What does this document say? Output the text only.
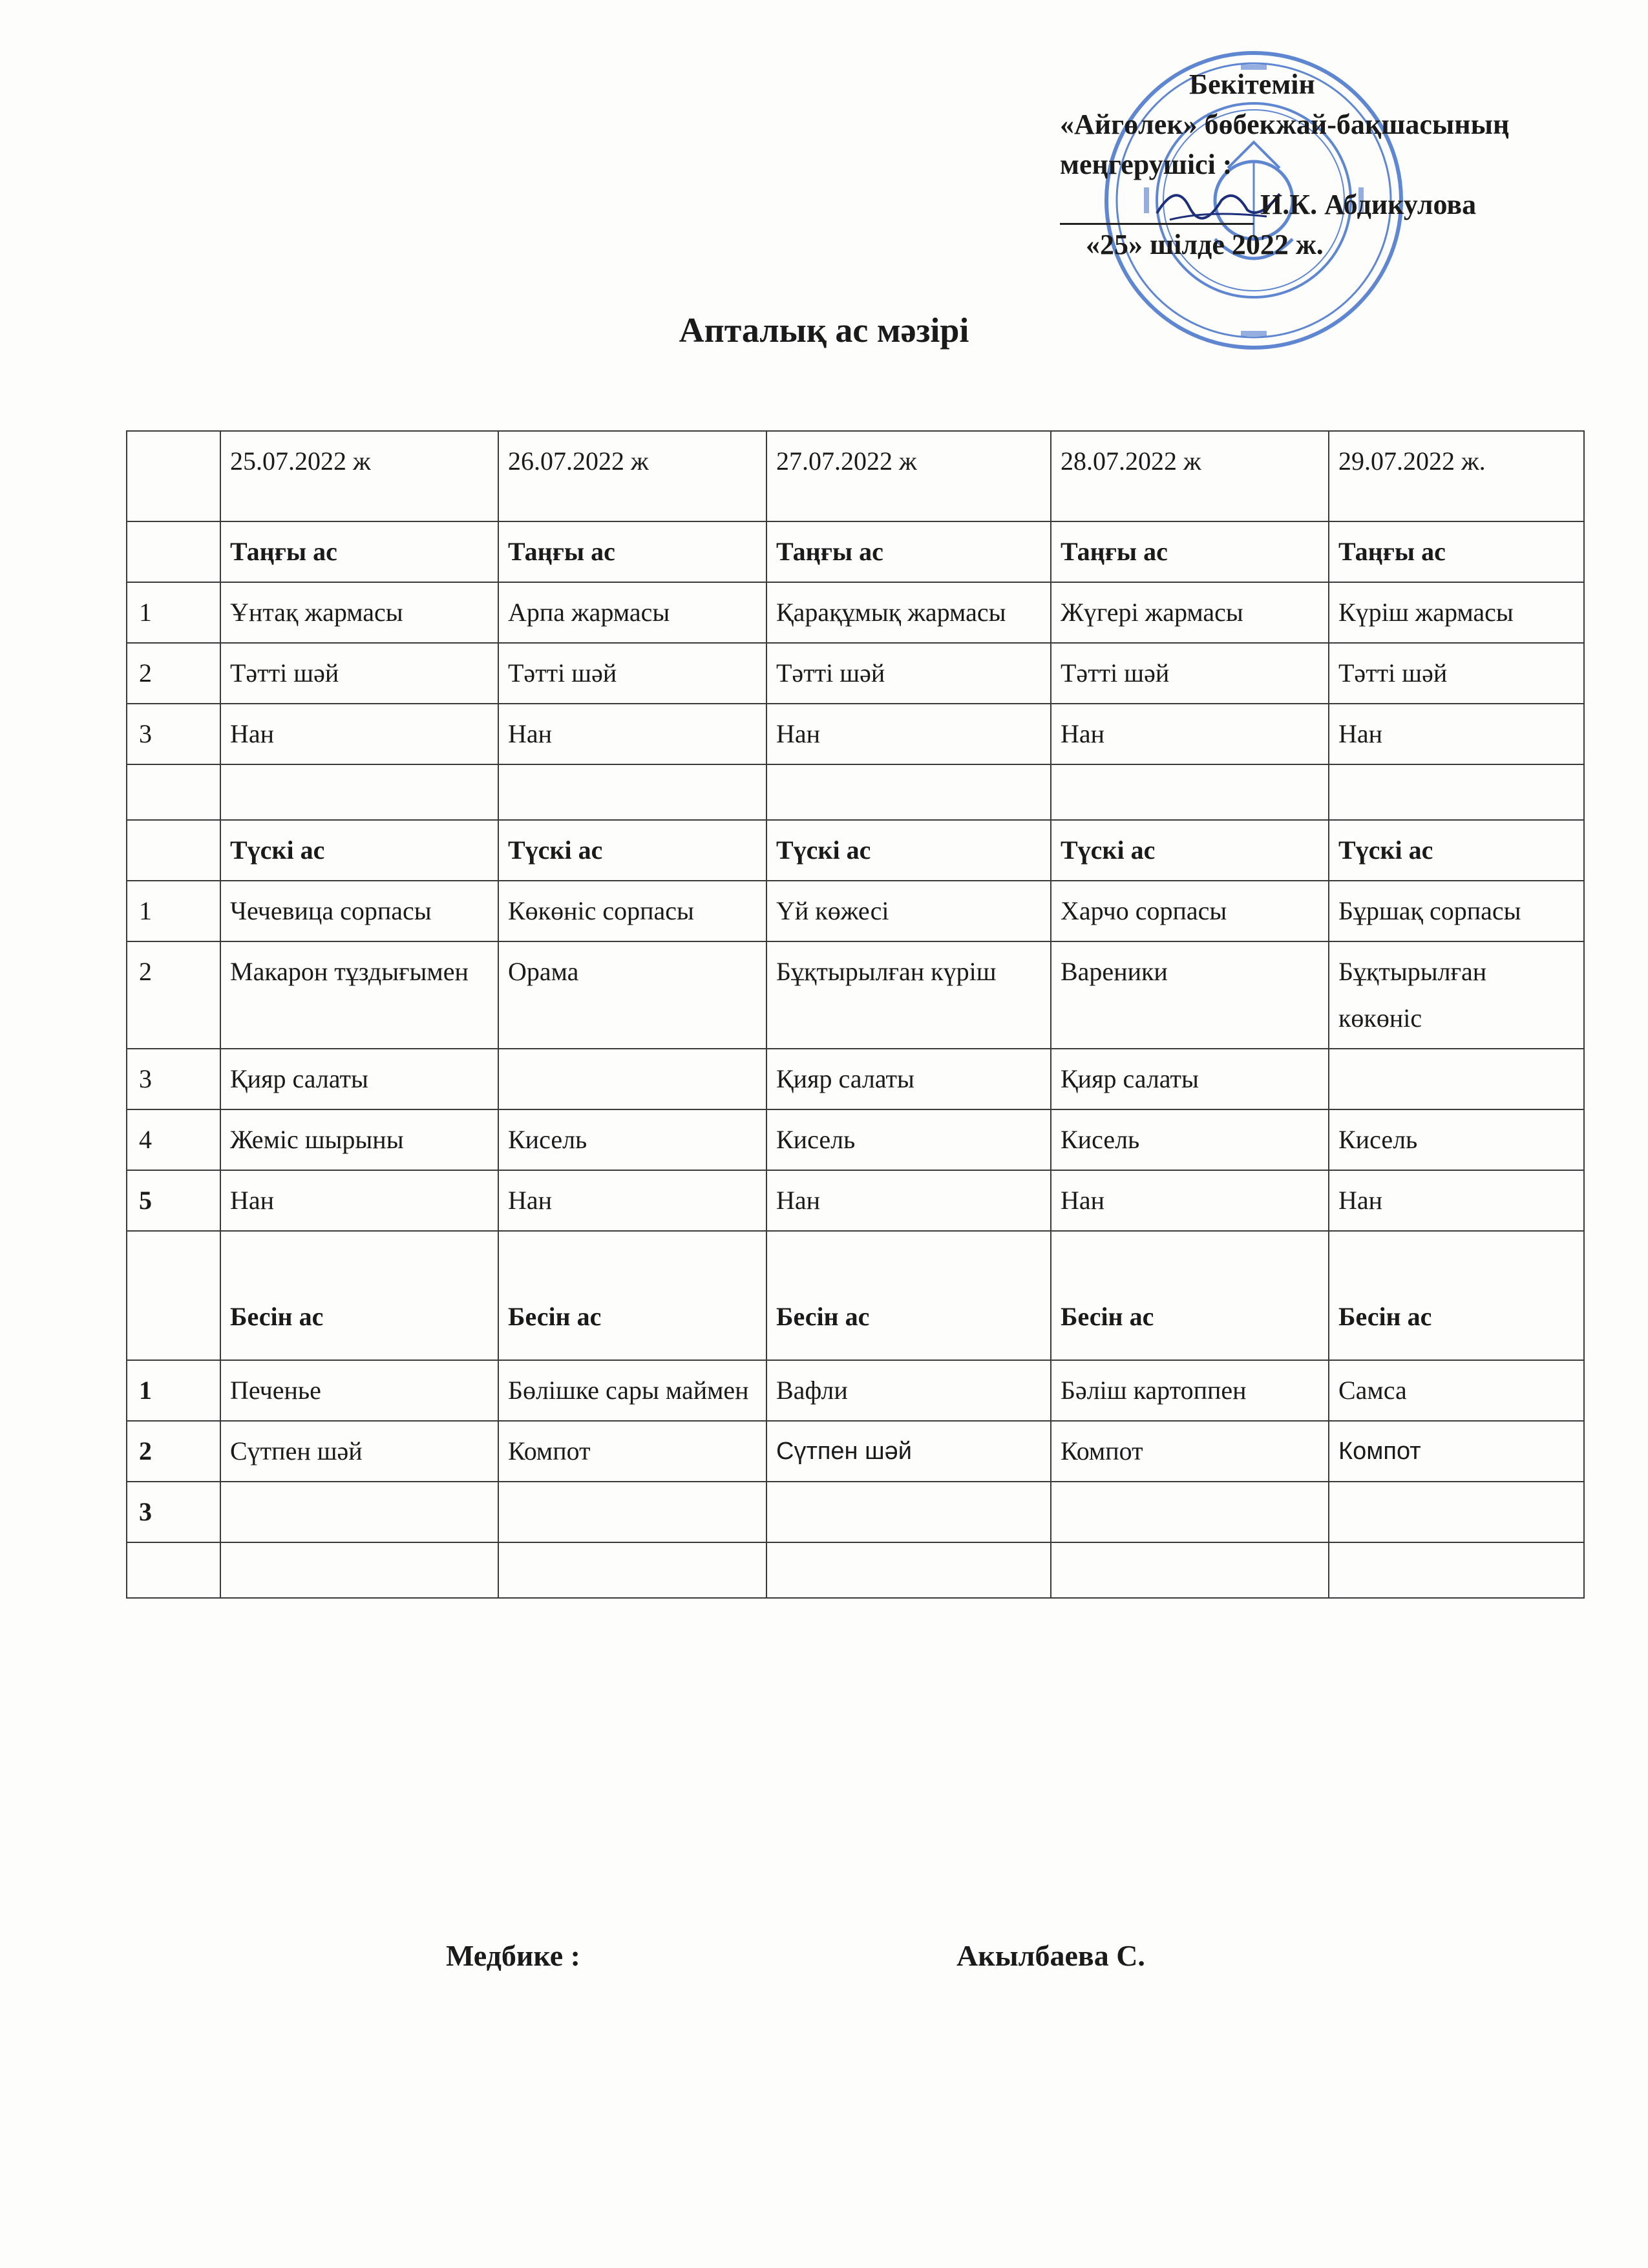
Бекітемін
«Айгөлек» бөбекжай-бақшасының
меңгерушісі :
И.К. Абдикулова
«25» шілде 2022 ж.
Апталық ас мәзірі
	25.07.2022 ж	26.07.2022 ж	27.07.2022 ж	28.07.2022 ж	29.07.2022 ж.
	Таңғы ас	Таңғы ас	Таңғы ас	Таңғы ас	Таңғы ас
1	Ұнтақ жармасы	Арпа жармасы	Қарақұмық жармасы	Жүгері жармасы	Күріш жармасы
2	Тәтті шәй	Тәтті шәй	Тәтті шәй	Тәтті шәй	Тәтті шәй
3	Нан	Нан	Нан	Нан	Нан

	Түскі ас	Түскі ас	Түскі ас	Түскі ас	Түскі ас
1	Чечевица сорпасы	Көкөніс сорпасы	Үй көжесі	Харчо сорпасы	Бұршақ сорпасы
2	Макарон тұздығымен	Орама	Бұқтырылған күріш	Вареники	Бұқтырылған көкөніс
3	Қияр салаты		Қияр салаты	Қияр салаты	
4	Жеміс шырыны	Кисель	Кисель	Кисель	Кисель
5	Нан	Нан	Нан	Нан	Нан
	Бесін ас	Бесін ас	Бесін ас	Бесін ас	Бесін ас
1	Печенье	Бөлішке сары маймен	Вафли	Бәліш картоппен	Самса
2	Сүтпен шәй	Компот	Сүтпен шәй	Компот	Компот
3					

Медбике :	Акылбаева С.
